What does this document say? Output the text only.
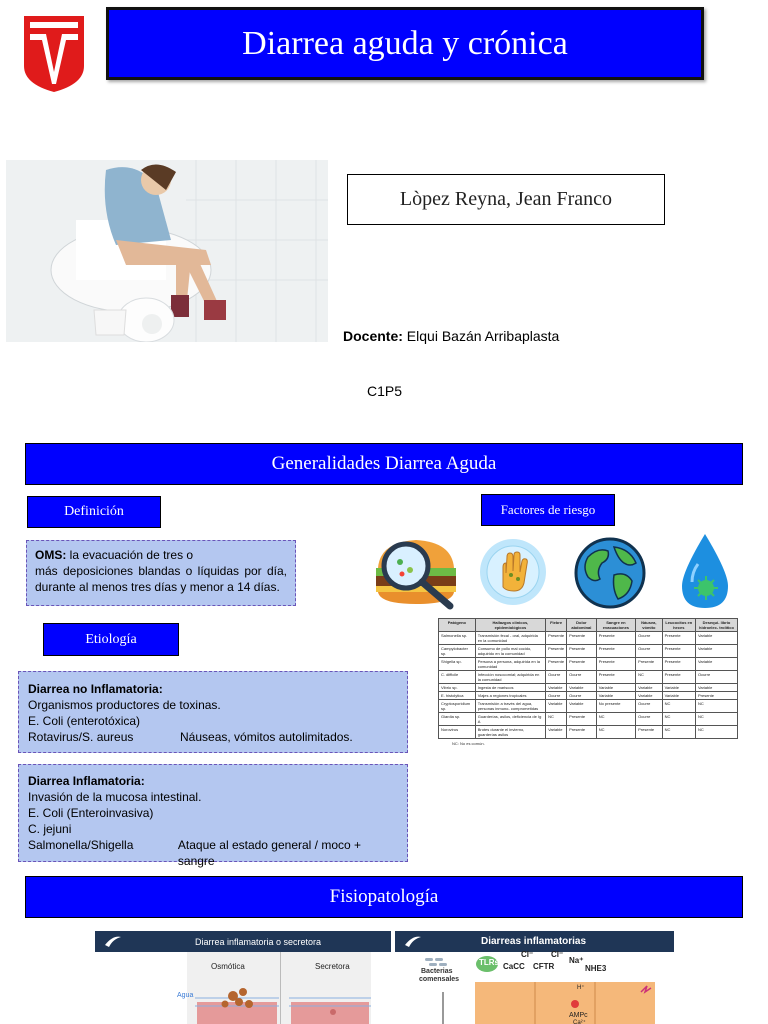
Diarrea aguda y crónica
Lòpez Reyna, Jean Franco
Docente: Elqui Bazán Arribaplasta
C1P5
Generalidades Diarrea Aguda
Definición	Factores de riesgo
OMS: la evacuación de tres o
más deposiciones blandas o líquidas por día,
durante al menos tres días y menor a 14 días.
Etiología
Diarrea no Inflamatoria:
Organismos productores de toxinas.
E. Coli (enterotóxica)
Rotavirus/S. aureus	Náuseas, vómitos autolimitados.
Diarrea Inflamatoria:
Invasión de la mucosa intestinal.
E. Coli (Enteroinvasiva)
C. jejuni
Salmonella/Shigella	Ataque al estado general / moco + sangre
Patógeno	Hallazgos clínicos, epidemiológicos	Fiebre	Dolor abdominal	Sangre en evacuaciones	Náusea, vómito	Leucocitos en heces	Desequi- librio hidroelec- trolítico
Salmonella sp.	Transmisión fecal - oral, adquirida en la comunidad	Presente	Presente	Presente	Ocurre	Presente	Variable
Campylobacter sp.	Consumo de pollo mal cocido, adquirido en la comunidad	Presente	Presente	Presente	Ocurre	Presente	Variable
Shigella sp.	Persona a persona, adquirida en la comunidad	Presente	Presente	Presente	Presente	Presente	Variable
C. difficile	Infección nosocomial; adquirida en la comunidad	Ocurre	Ocurre	Presente	NC	Presente	Ocurre
Vibrio sp.	Ingesta de mariscos	Variable	Variable	Variable	Variable	Variable	Variable
E. histolytica	Viajes a regiones tropicales	Ocurre	Ocurre	Variable	Variable	Variable	Presente
Cryptosporidium sp.	Transmisión a través del agua, personas inmuno- comprometidas	Variable	Variable	No presente	Ocurre	NC	NC
Giardia sp.	Guarderías, asilos, deficiencia de Ig A	NC	Presente	NC	Ocurre	NC	NC
Norovirus	Brotes durante el invierno, guarderías asilos	Variable	Presente	NC	Presente	NC	NC
NC: No es común.
Fisiopatología
Diarrea inflamatoria o secretora
Osmótica	Secretora
Agua
Diarreas inflamatorias
Bacterias
comensales
TLRs
Cl⁻ Cl⁻
CaCC CFTR
Na⁺
NHE3
H⁺
AMPc
Ca²⁺
